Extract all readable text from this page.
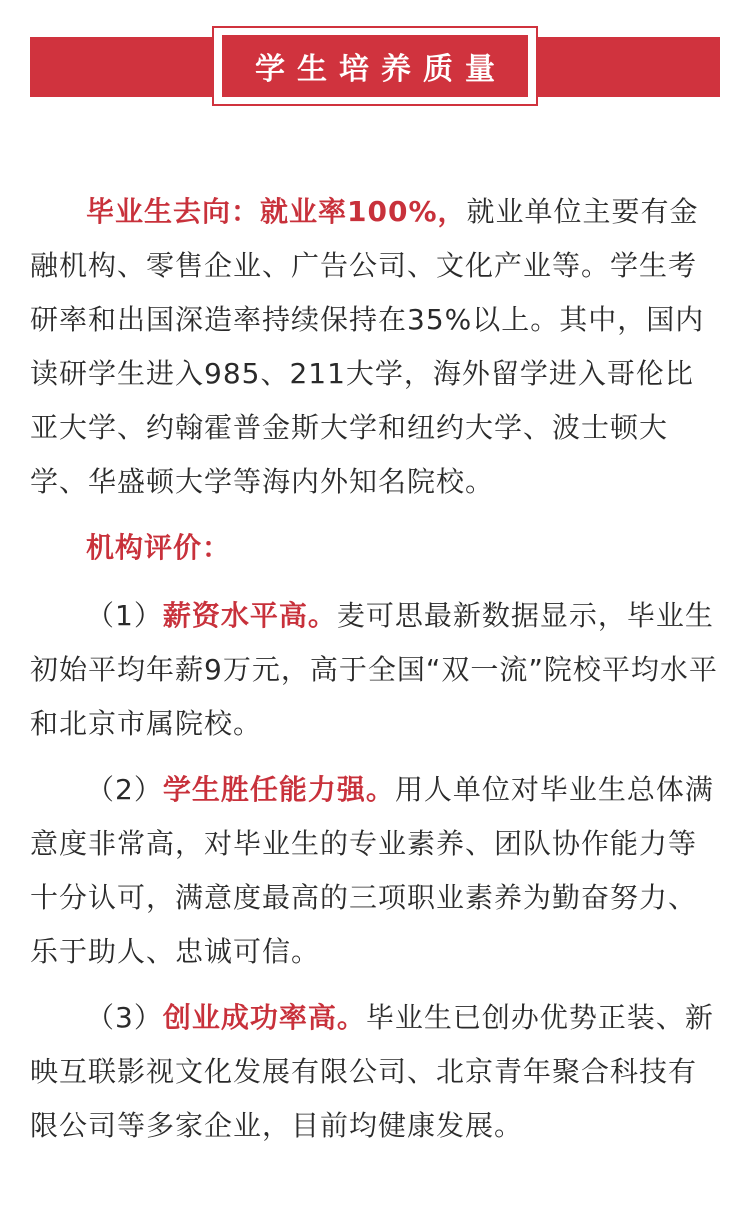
学生培养质量

毕业生去向：就业率100%，就业单位主要有金融机构、零售企业、广告公司、文化产业等。学生考研率和出国深造率持续保持在35%以上。其中，国内读研学生进入985、211大学，海外留学进入哥伦比亚大学、约翰霍普金斯大学和纽约大学、波士顿大学、华盛顿大学等海内外知名院校。

机构评价：

（1）薪资水平高。麦可思最新数据显示，毕业生初始平均年薪9万元，高于全国“双一流”院校平均水平和北京市属院校。

（2）学生胜任能力强。用人单位对毕业生总体满意度非常高，对毕业生的专业素养、团队协作能力等十分认可，满意度最高的三项职业素养为勤奋努力、乐于助人、忠诚可信。

（3）创业成功率高。毕业生已创办优势正装、新映互联影视文化发展有限公司、北京青年聚合科技有限公司等多家企业，目前均健康发展。
